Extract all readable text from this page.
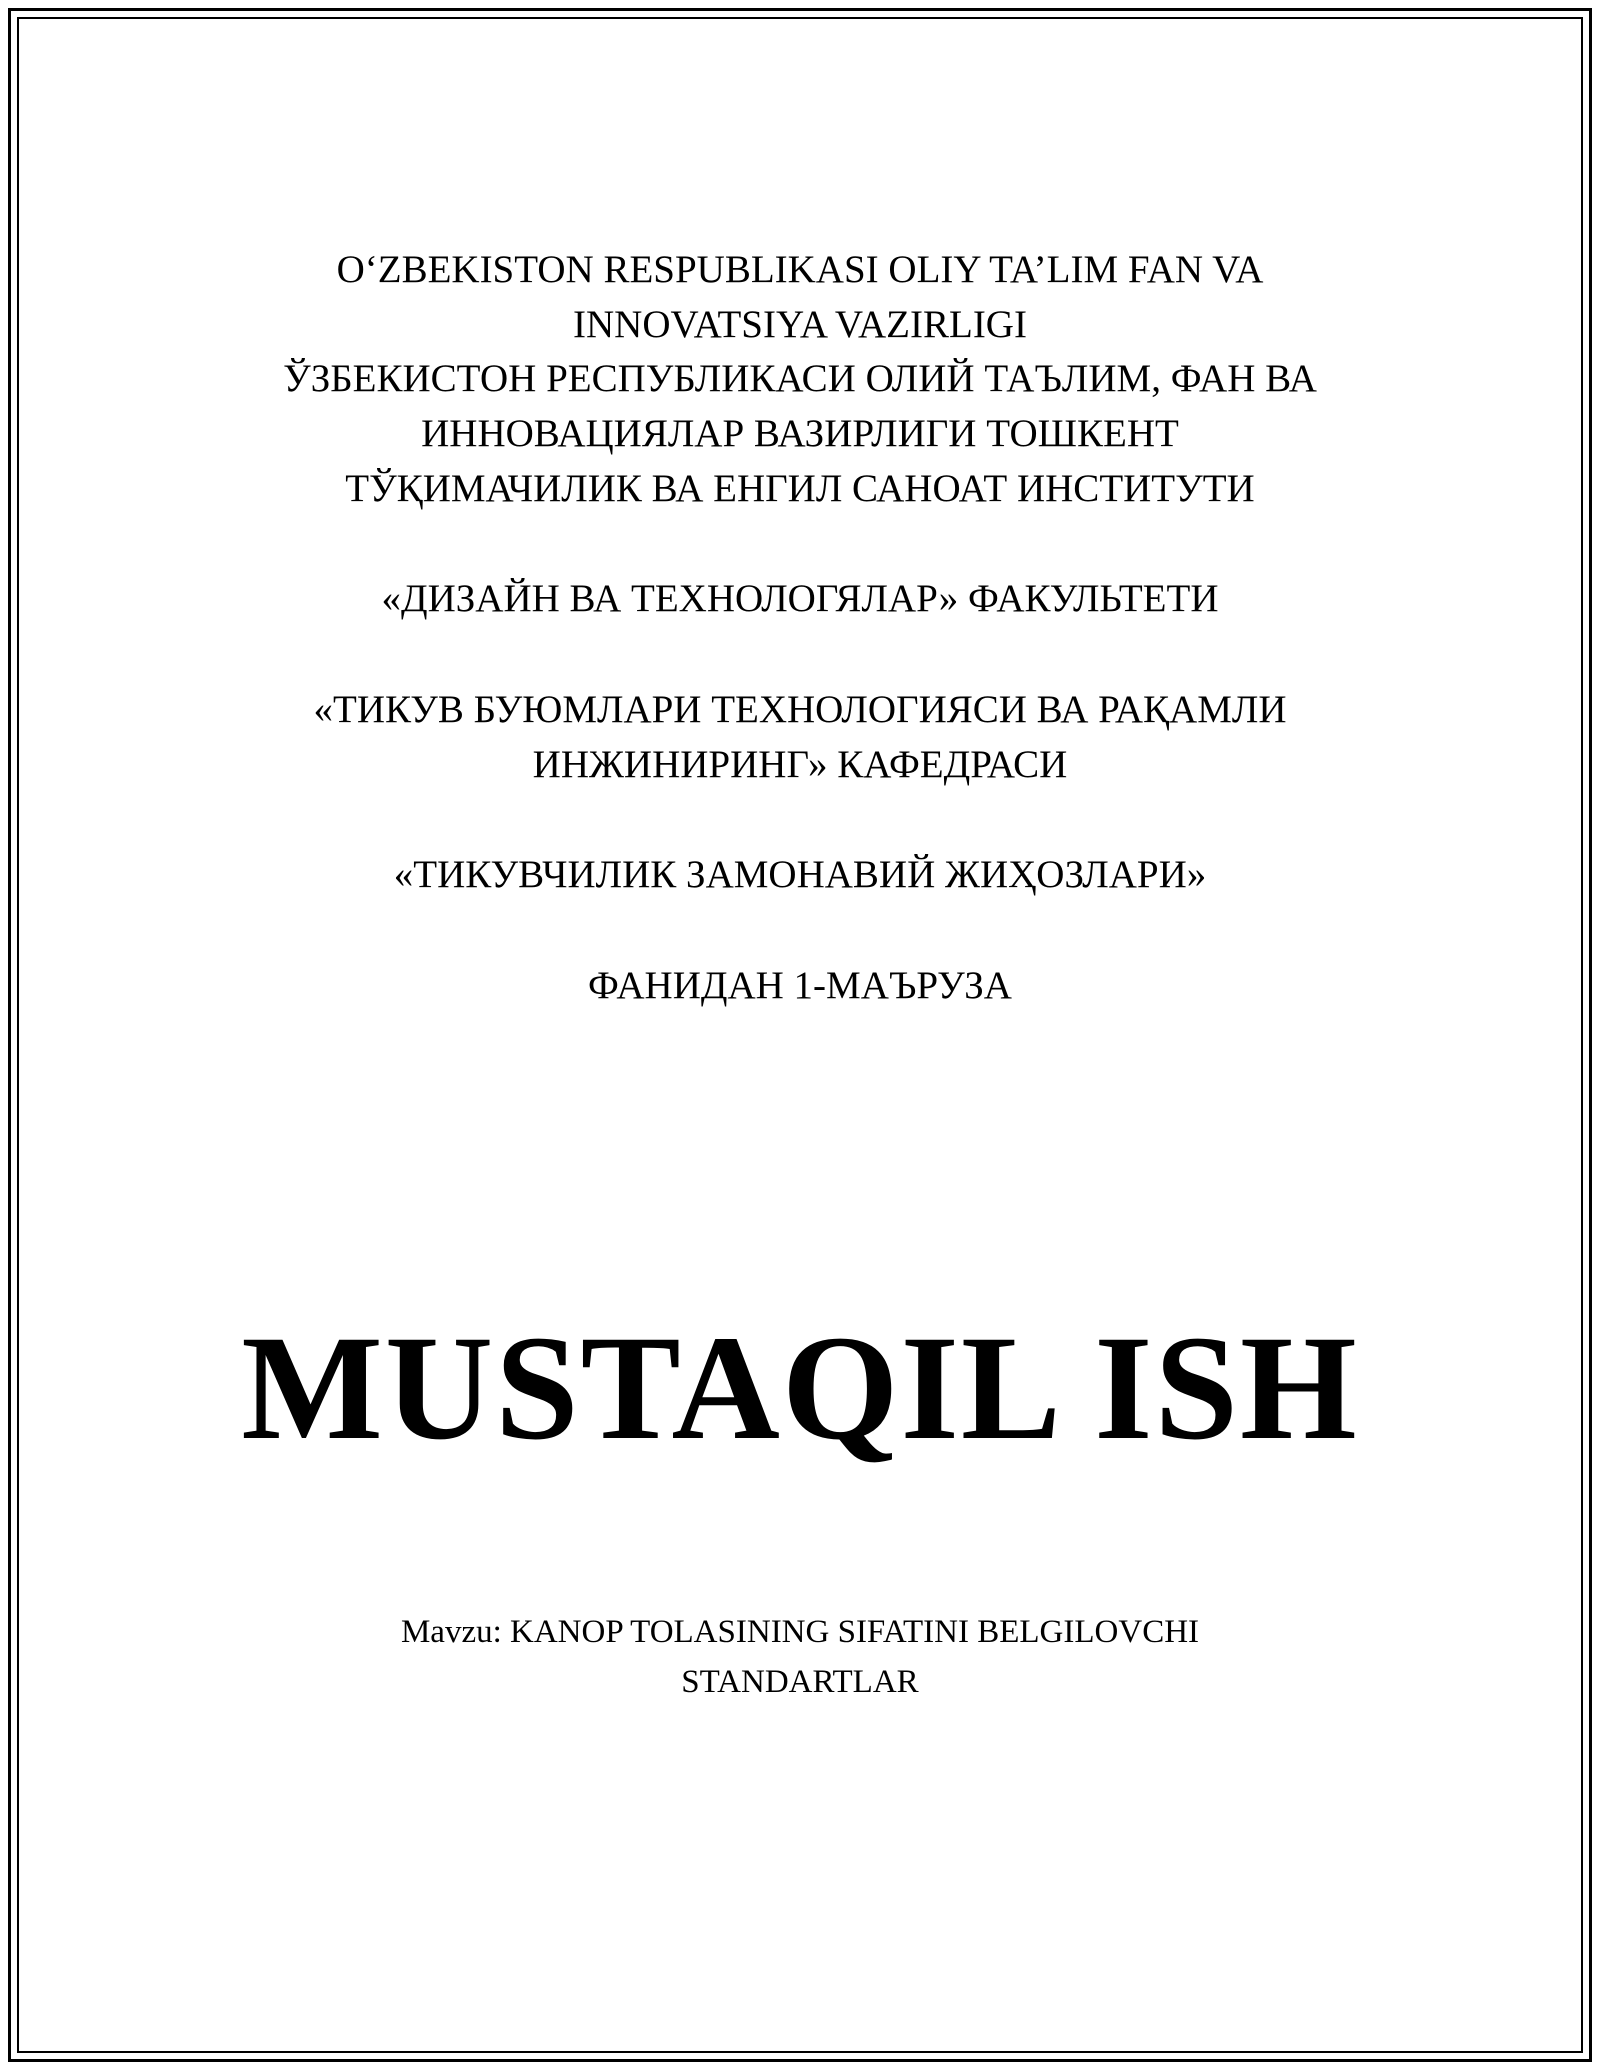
O‘ZBEKISTON RESPUBLIKASI OLIY TA’LIM FAN VA
INNOVATSIYA VAZIRLIGI
ЎЗБЕКИСТОН РЕСПУБЛИКАСИ ОЛИЙ ТАЪЛИМ, ФАН ВА
ИННОВАЦИЯЛАР ВАЗИРЛИГИ ТОШКЕНТ
ТЎҚИМАЧИЛИК ВА ЕНГИЛ САНОАТ ИНСТИТУТИ
«ДИЗАЙН ВА ТЕХНОЛОГЯЛАР» ФАКУЛЬТЕТИ
«ТИКУВ БУЮМЛАРИ ТЕХНОЛОГИЯСИ ВА РАҚАМЛИ
ИНЖИНИРИНГ» КАФЕДРАСИ
«ТИКУВЧИЛИК ЗАМОНАВИЙ ЖИҲОЗЛАРИ»
ФАНИДАН 1-МАЪРУЗА
MUSTAQIL ISH
Mavzu: KANOP TOLASINING SIFATINI BELGILOVCHI
STANDARTLAR
